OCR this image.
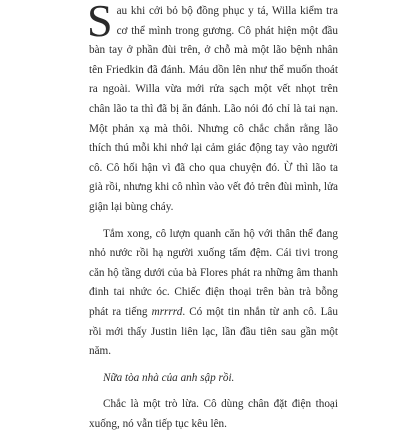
Sau khi cởi bỏ bộ đồng phục y tá, Willa kiểm tra cơ thể mình trong gương. Cô phát hiện một đầu bàn tay ở phần đùi trên, ở chỗ mà một lão bệnh nhân tên Friedkin đã đánh. Máu dồn lên như thể muốn thoát ra ngoài. Willa vừa mới rửa sạch một vết nhọt trên chân lão ta thì đã bị ăn đánh. Lão nói đó chỉ là tai nạn. Một phản xạ mà thôi. Nhưng cô chắc chắn rằng lão thích thú mỗi khi nhớ lại cảm giác động tay vào người cô. Cô hối hận vì đã cho qua chuyện đó. Ừ thì lão ta già rồi, nhưng khi cô nhìn vào vết đỏ trên đùi mình, lửa giận lại bùng cháy.

Tắm xong, cô lượn quanh căn hộ với thân thể đang nhỏ nước rồi hạ người xuống tấm đệm. Cái tivi trong căn hộ tầng dưới của bà Flores phát ra những âm thanh đinh tai nhức óc. Chiếc điện thoại trên bàn trà bỗng phát ra tiếng mrrrrd. Có một tin nhắn từ anh cô. Lâu rồi mới thấy Justin liên lạc, lần đầu tiên sau gần một năm.

Nữa tòa nhà của anh sập rồi.

Chắc là một trò lừa. Cô dùng chân đặt điện thoại xuống, nó vẫn tiếp tục kêu lên.
